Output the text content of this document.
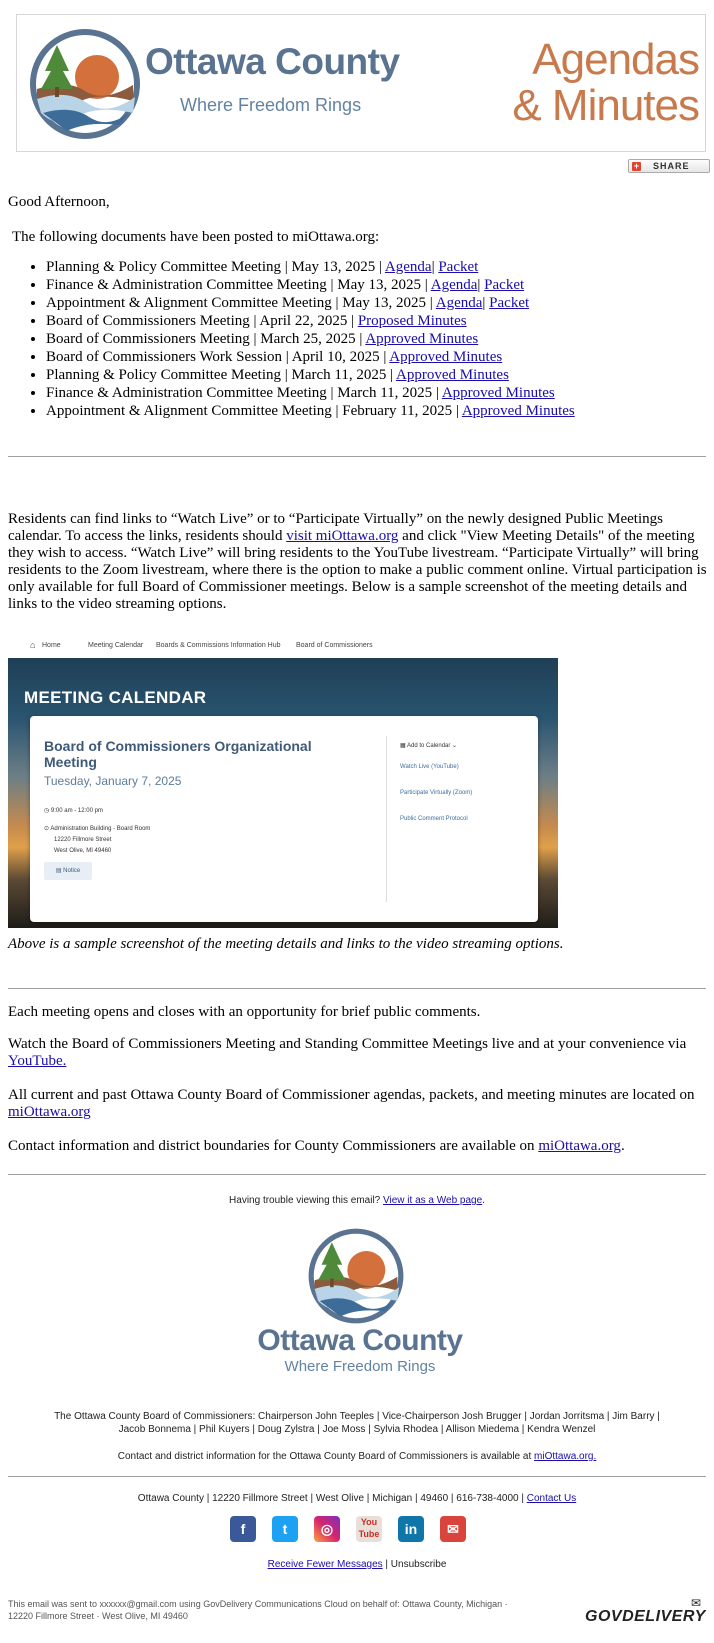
Ottawa County
Where Freedom Rings
Agendas
& Minutes
+ SHARE
Good Afternoon,
The following documents have been posted to miOttawa.org:
• Planning & Policy Committee Meeting | May 13, 2025 | Agenda| Packet
• Finance & Administration Committee Meeting | May 13, 2025 | Agenda| Packet
• Appointment & Alignment Committee Meeting | May 13, 2025 | Agenda| Packet
• Board of Commissioners Meeting | April 22, 2025 | Proposed Minutes
• Board of Commissioners Meeting | March 25, 2025 | Approved Minutes
• Board of Commissioners Work Session | April 10, 2025 | Approved Minutes
• Planning & Policy Committee Meeting | March 11, 2025 | Approved Minutes
• Finance & Administration Committee Meeting | March 11, 2025 | Approved Minutes
• Appointment & Alignment Committee Meeting | February 11, 2025 | Approved Minutes
Residents can find links to “Watch Live” or to “Participate Virtually” on the newly designed Public Meetings calendar. To access the links, residents should visit miOttawa.org and click "View Meeting Details" of the meeting they wish to access. “Watch Live” will bring residents to the YouTube livestream. “Participate Virtually” will bring residents to the Zoom livestream, where there is the option to make a public comment online. Virtual participation is only available for full Board of Commissioner meetings. Below is a sample screenshot of the meeting details and links to the video streaming options.
Home	Meeting Calendar Boards & Commissions Information Hub Board of Commissioners
⌂
MEETING CALENDAR
Board of Commissioners Organizational Meeting
Tuesday, January 7, 2025
◷ 9:00 am - 12:00 pm
⊙ Administration Building - Board Room
12220 Fillmore Street
West Olive, MI 49460
▤ Notice
▦ Add to Calendar ⌄
Watch Live (YouTube)
Participate Virtually (Zoom)
Public Comment Protocol
Above is a sample screenshot of the meeting details and links to the video streaming options.
Each meeting opens and closes with an opportunity for brief public comments.
Watch the Board of Commissioners Meeting and Standing Committee Meetings live and at your convenience via YouTube.
All current and past Ottawa County Board of Commissioner agendas, packets, and meeting minutes are located on miOttawa.org
Contact information and district boundaries for County Commissioners are available on miOttawa.org.
Having trouble viewing this email? View it as a Web page.
Ottawa County
Where Freedom Rings
The Ottawa County Board of Commissioners: Chairperson John Teeples | Vice-Chairperson Josh Brugger | Jordan Jorritsma | Jim Barry |
Jacob Bonnema | Phil Kuyers | Doug Zylstra | Joe Moss | Sylvia Rhodea | Allison Miedema | Kendra Wenzel
Contact and district information for the Ottawa County Board of Commissioners is available at miOttawa.org.
Ottawa County | 12220 Fillmore Street | West Olive | Michigan | 49460 | 616-738-4000 | Contact Us
f	t	◎	You
Tube	in	✉
Receive Fewer Messages | Unsubscribe
This email was sent to xxxxxx@gmail.com using GovDelivery Communications Cloud on behalf of: Ottawa County, Michigan ·
12220 Fillmore Street · West Olive, MI 49460	GOVDELIVERY
✉
